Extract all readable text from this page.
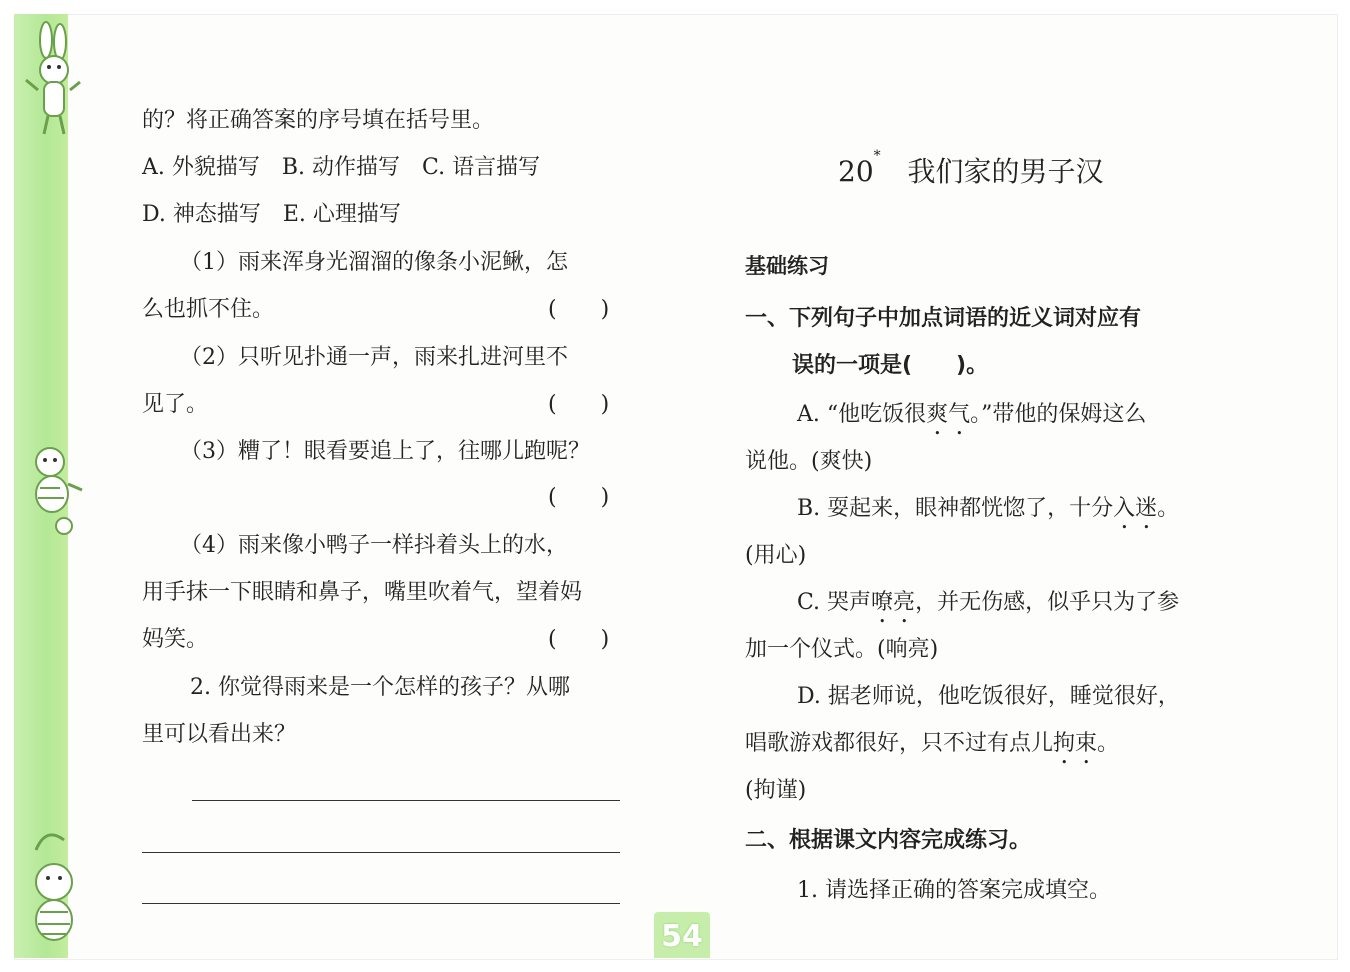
的？将正确答案的序号填在括号里。
A. 外貌描写　B. 动作描写　C. 语言描写
D. 神态描写　E. 心理描写
（1）雨来浑身光溜溜的像条小泥鳅，怎
么也抓不住。	(　　)
（2）只听见扑通一声，雨来扎进河里不
见了。	(　　)
（3）糟了！眼看要追上了，往哪儿跑呢？
(　　)
（4）雨来像小鸭子一样抖着头上的水，
用手抹一下眼睛和鼻子，嘴里吹着气，望着妈
妈笑。	(　　)
2. 你觉得雨来是一个怎样的孩子？从哪
里可以看出来？
20* 我们家的男子汉
基础练习
一、下列句子中加点词语的近义词对应有
误的一项是(　　)。
A. “他吃饭很爽气。”带他的保姆这么
说他。(爽快)
B. 耍起来，眼神都恍惚了，十分入迷。
(用心)
C. 哭声嘹亮，并无伤感，似乎只为了参
加一个仪式。(响亮)
D. 据老师说，他吃饭很好，睡觉很好，
唱歌游戏都很好，只不过有点儿拘束。
(拘谨)
二、根据课文内容完成练习。
1. 请选择正确的答案完成填空。
54
